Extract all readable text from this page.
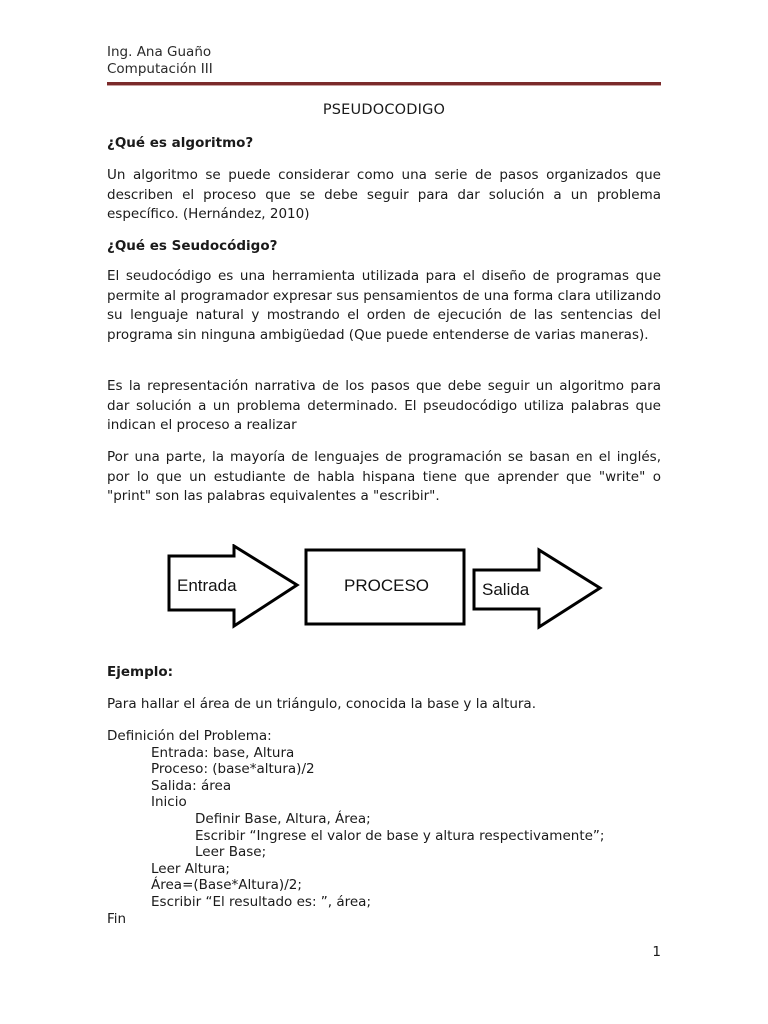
Ing. Ana Guaño
Computación III
PSEUDOCODIGO
¿Qué es algoritmo?

Un algoritmo se puede considerar como una serie de pasos organizados que describen el proceso que se debe seguir para dar solución a un problema específico. (Hernández, 2010)

¿Qué es Seudocódigo?

El seudocódigo es una herramienta utilizada para el diseño de programas que permite al programador expresar sus pensamientos de una forma clara utilizando su lenguaje natural y mostrando el orden de ejecución de las sentencias del programa sin ninguna ambigüedad (Que puede entenderse de varias maneras).

Es la representación narrativa de los pasos que debe seguir un algoritmo para dar solución a un problema determinado. El pseudocódigo utiliza palabras que indican el proceso a realizar

Por una parte, la mayoría de lenguajes de programación se basan en el inglés, por lo que un estudiante de habla hispana tiene que aprender que "write" o "print" son las palabras equivalentes a "escribir".

Entrada	PROCESO	Salida
Ejemplo:
Para hallar el área de un triángulo, conocida la base y la altura.
Definición del Problema:
Entrada: base, Altura
Proceso: (base*altura)/2
Salida: área
Inicio
Definir Base, Altura, Área;
Escribir “Ingrese el valor de base y altura respectivamente”;
Leer Base;
Leer Altura;
Área=(Base*Altura)/2;
Escribir “El resultado es: ”, área;
Fin
1
